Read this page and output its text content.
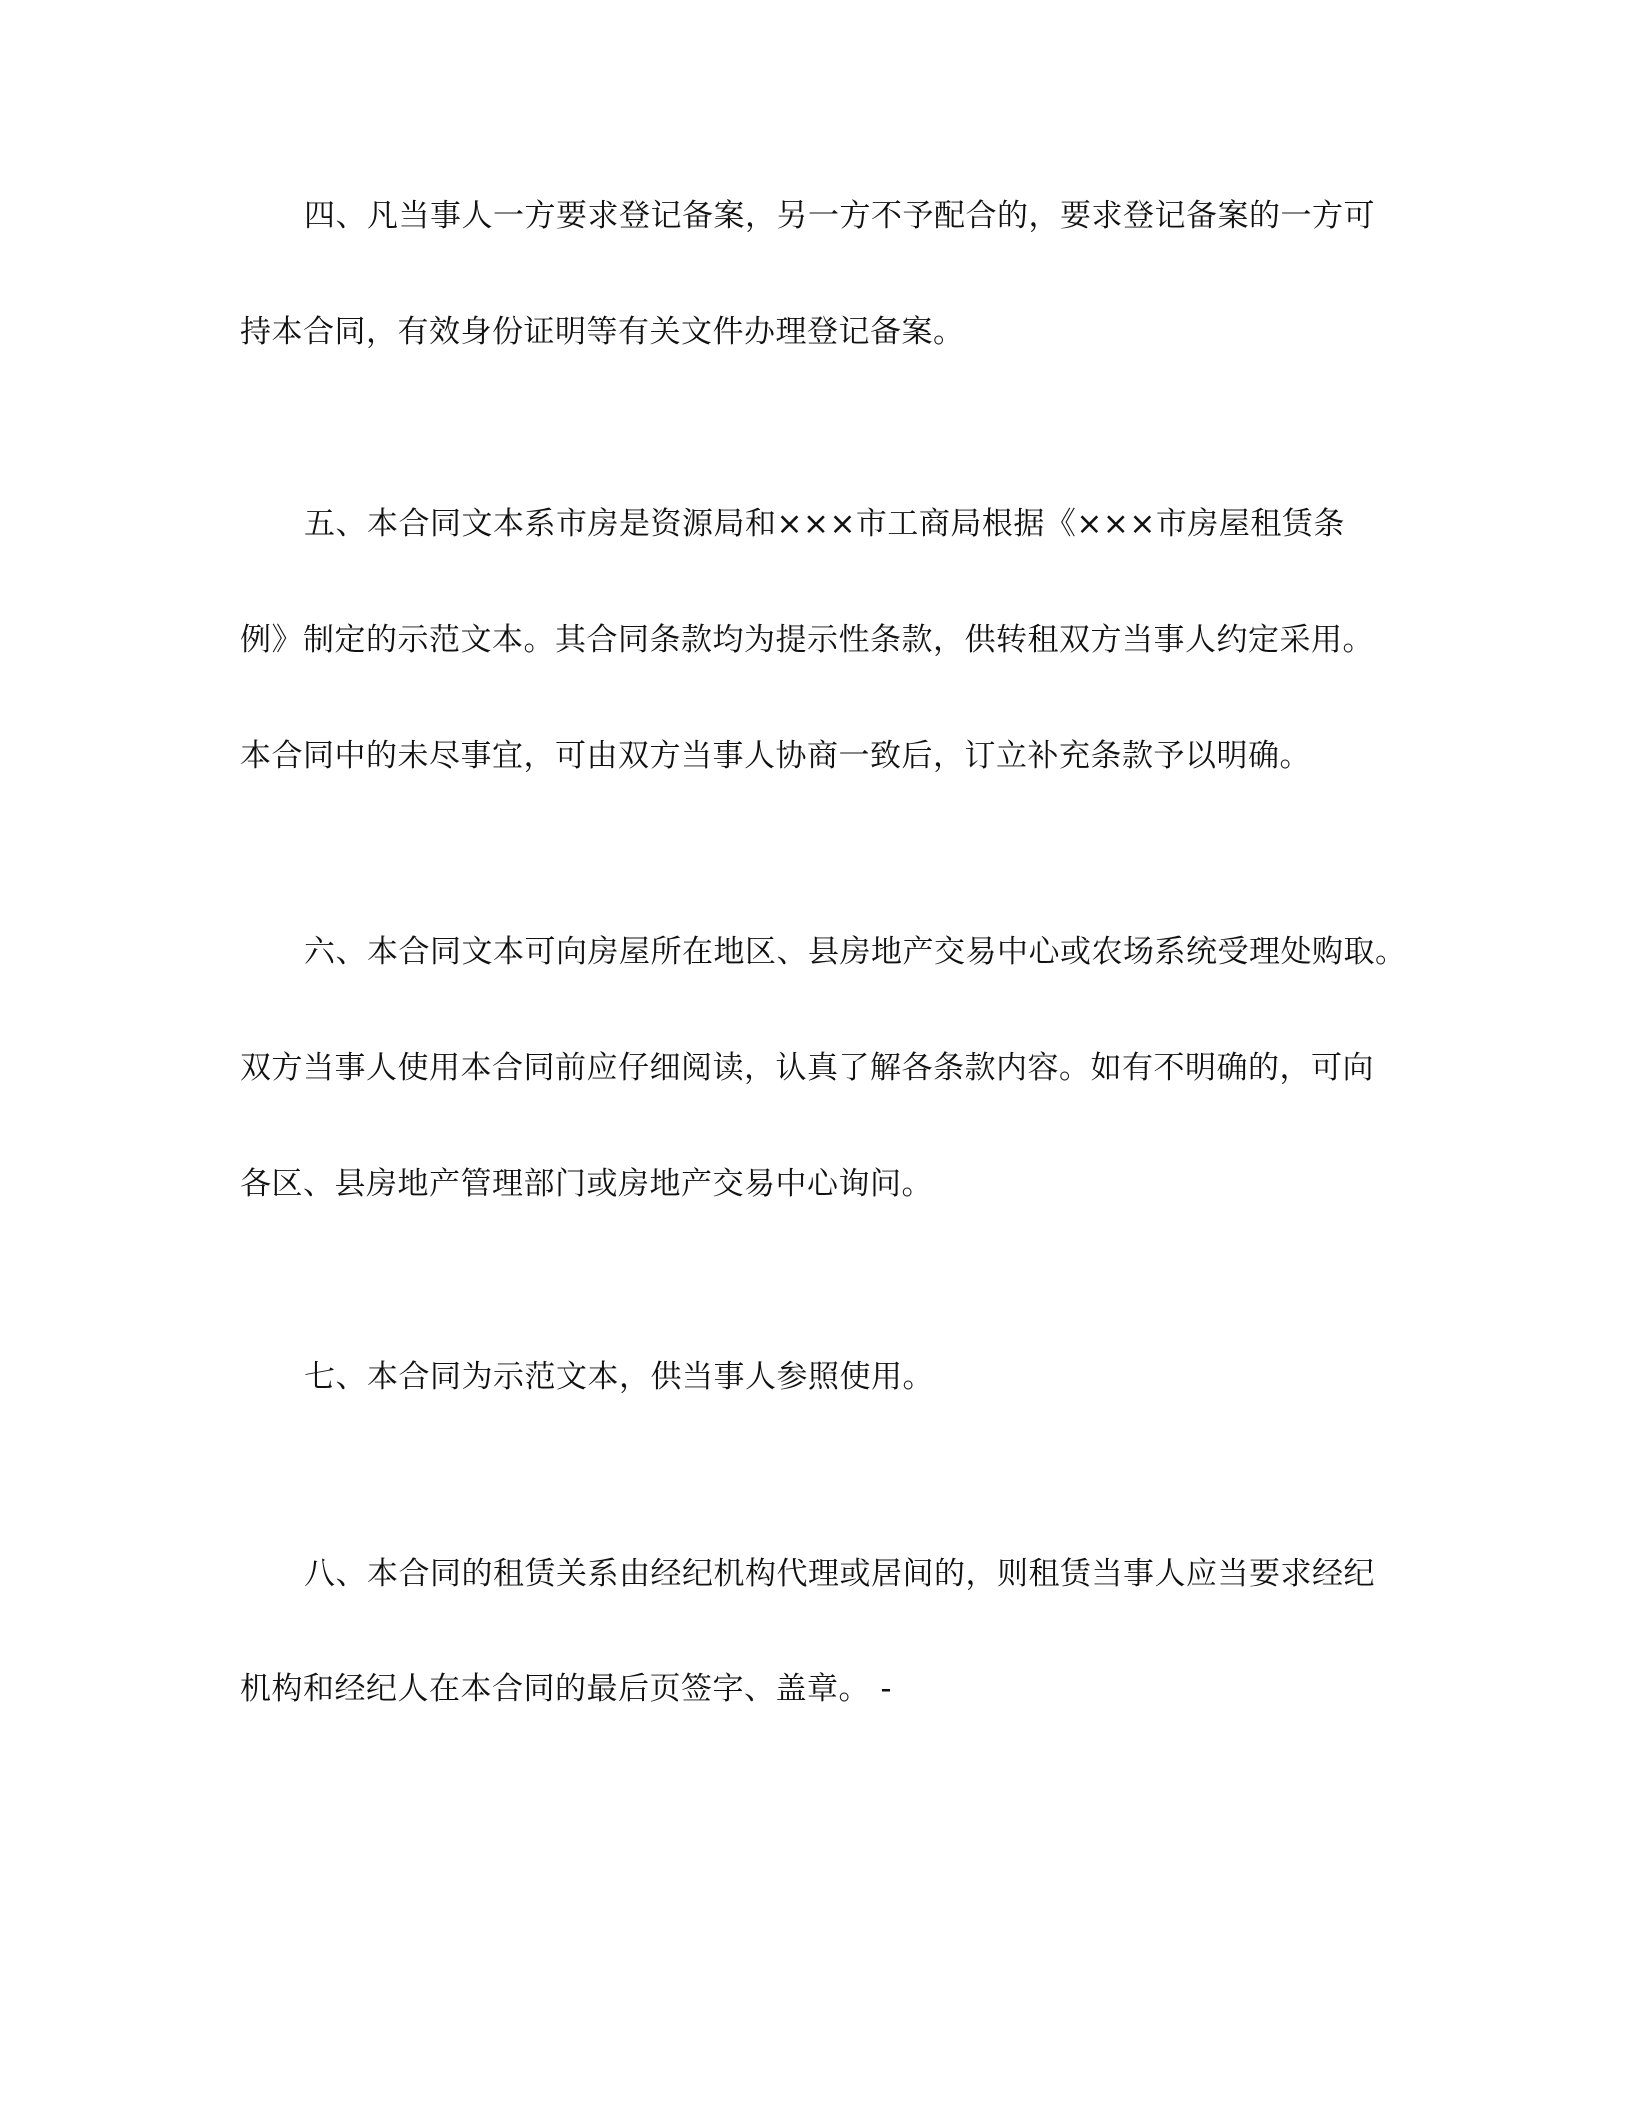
四、凡当事人一方要求登记备案，另一方不予配合的，要求登记备案的一方可
持本合同，有效身份证明等有关文件办理登记备案。
五、本合同文本系市房是资源局和×××市工商局根据《×××市房屋租赁条
例》制定的示范文本。其合同条款均为提示性条款，供转租双方当事人约定采用。
本合同中的未尽事宜，可由双方当事人协商一致后，订立补充条款予以明确。
六、本合同文本可向房屋所在地区、县房地产交易中心或农场系统受理处购取。
双方当事人使用本合同前应仔细阅读，认真了解各条款内容。如有不明确的，可向
各区、县房地产管理部门或房地产交易中心询问。
七、本合同为示范文本，供当事人参照使用。
八、本合同的租赁关系由经纪机构代理或居间的，则租赁当事人应当要求经纪
机构和经纪人在本合同的最后页签字、盖章。 -
